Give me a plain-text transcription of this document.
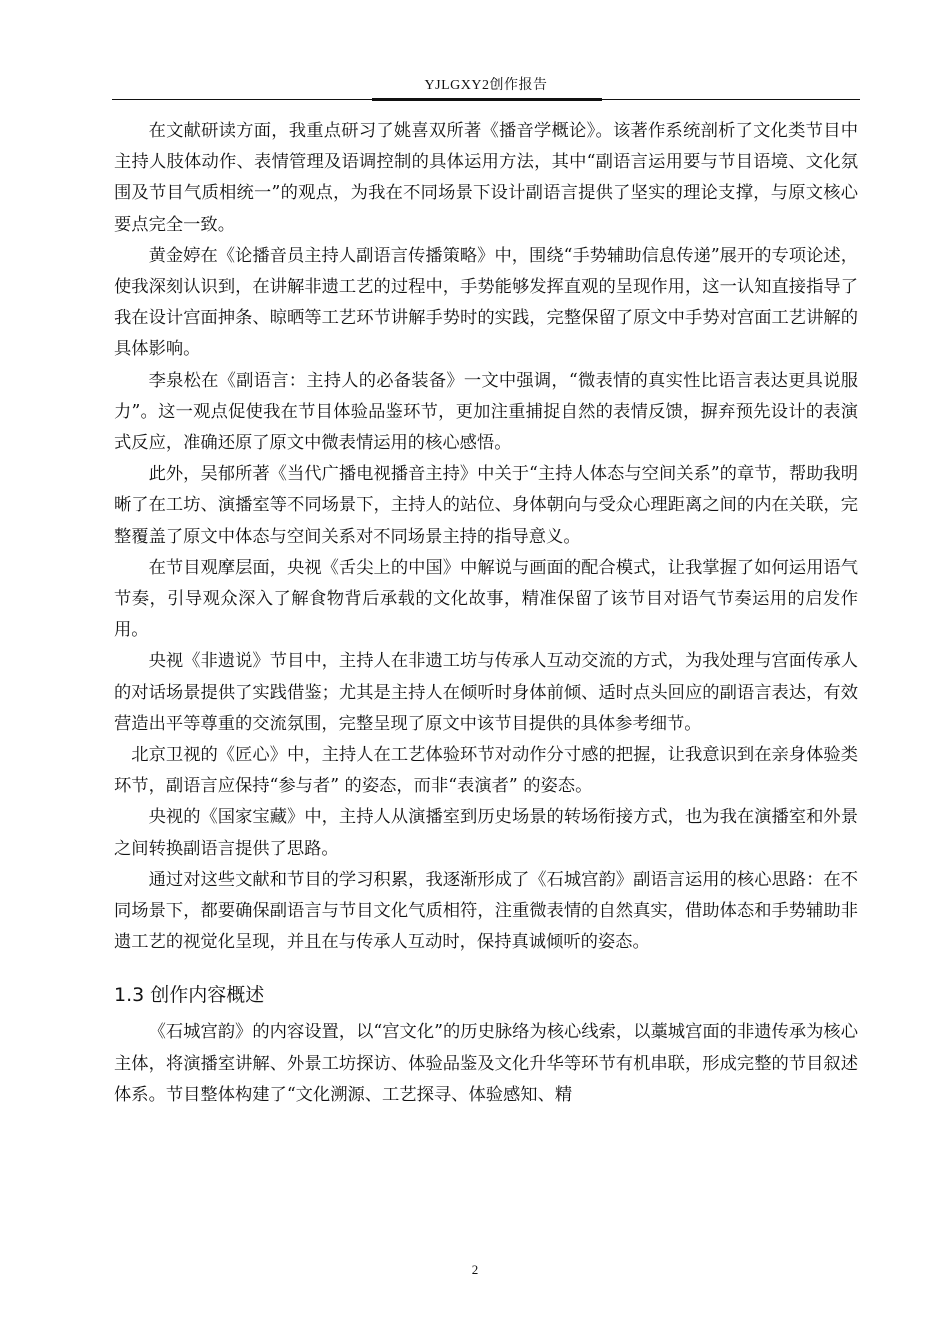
YJLGXY2创作报告

在文献研读方面，我重点研习了姚喜双所著《播音学概论》。该著作系统剖析了文化类节目中主持人肢体动作、表情管理及语调控制的具体运用方法，其中“副语言运用要与节目语境、文化氛围及节目气质相统一”的观点，为我在不同场景下设计副语言提供了坚实的理论支撑，与原文核心要点完全一致。

黄金婷在《论播音员主持人副语言传播策略》中，围绕“手势辅助信息传递”展开的专项论述，使我深刻认识到，在讲解非遗工艺的过程中，手势能够发挥直观的呈现作用，这一认知直接指导了我在设计宫面抻条、晾晒等工艺环节讲解手势时的实践，完整保留了原文中手势对宫面工艺讲解的具体影响。

李泉松在《副语言：主持人的必备装备》一文中强调，“微表情的真实性比语言表达更具说服力”。这一观点促使我在节目体验品鉴环节，更加注重捕捉自然的表情反馈，摒弃预先设计的表演式反应，准确还原了原文中微表情运用的核心感悟。

此外，吴郁所著《当代广播电视播音主持》中关于“主持人体态与空间关系”的章节，帮助我明晰了在工坊、演播室等不同场景下，主持人的站位、身体朝向与受众心理距离之间的内在关联，完整覆盖了原文中体态与空间关系对不同场景主持的指导意义。

在节目观摩层面，央视《舌尖上的中国》中解说与画面的配合模式，让我掌握了如何运用语气节奏，引导观众深入了解食物背后承载的文化故事，精准保留了该节目对语气节奏运用的启发作用。

央视《非遗说》节目中，主持人在非遗工坊与传承人互动交流的方式，为我处理与宫面传承人的对话场景提供了实践借鉴；尤其是主持人在倾听时身体前倾、适时点头回应的副语言表达，有效营造出平等尊重的交流氛围，完整呈现了原文中该节目提供的具体参考细节。

北京卫视的《匠心》中，主持人在工艺体验环节对动作分寸感的把握，让我意识到在亲身体验类环节，副语言应保持“参与者” 的姿态，而非“表演者” 的姿态。

央视的《国家宝藏》中，主持人从演播室到历史场景的转场衔接方式，也为我在演播室和外景之间转换副语言提供了思路。

通过对这些文献和节目的学习积累，我逐渐形成了《石城宫韵》副语言运用的核心思路：在不同场景下，都要确保副语言与节目文化气质相符，注重微表情的自然真实，借助体态和手势辅助非遗工艺的视觉化呈现，并且在与传承人互动时，保持真诚倾听的姿态。

1.3 创作内容概述

《石城宫韵》的内容设置，以“宫文化”的历史脉络为核心线索，以藁城宫面的非遗传承为核心主体，将演播室讲解、外景工坊探访、体验品鉴及文化升华等环节有机串联，形成完整的节目叙述体系。节目整体构建了“文化溯源、工艺探寻、体验感知、精

2
